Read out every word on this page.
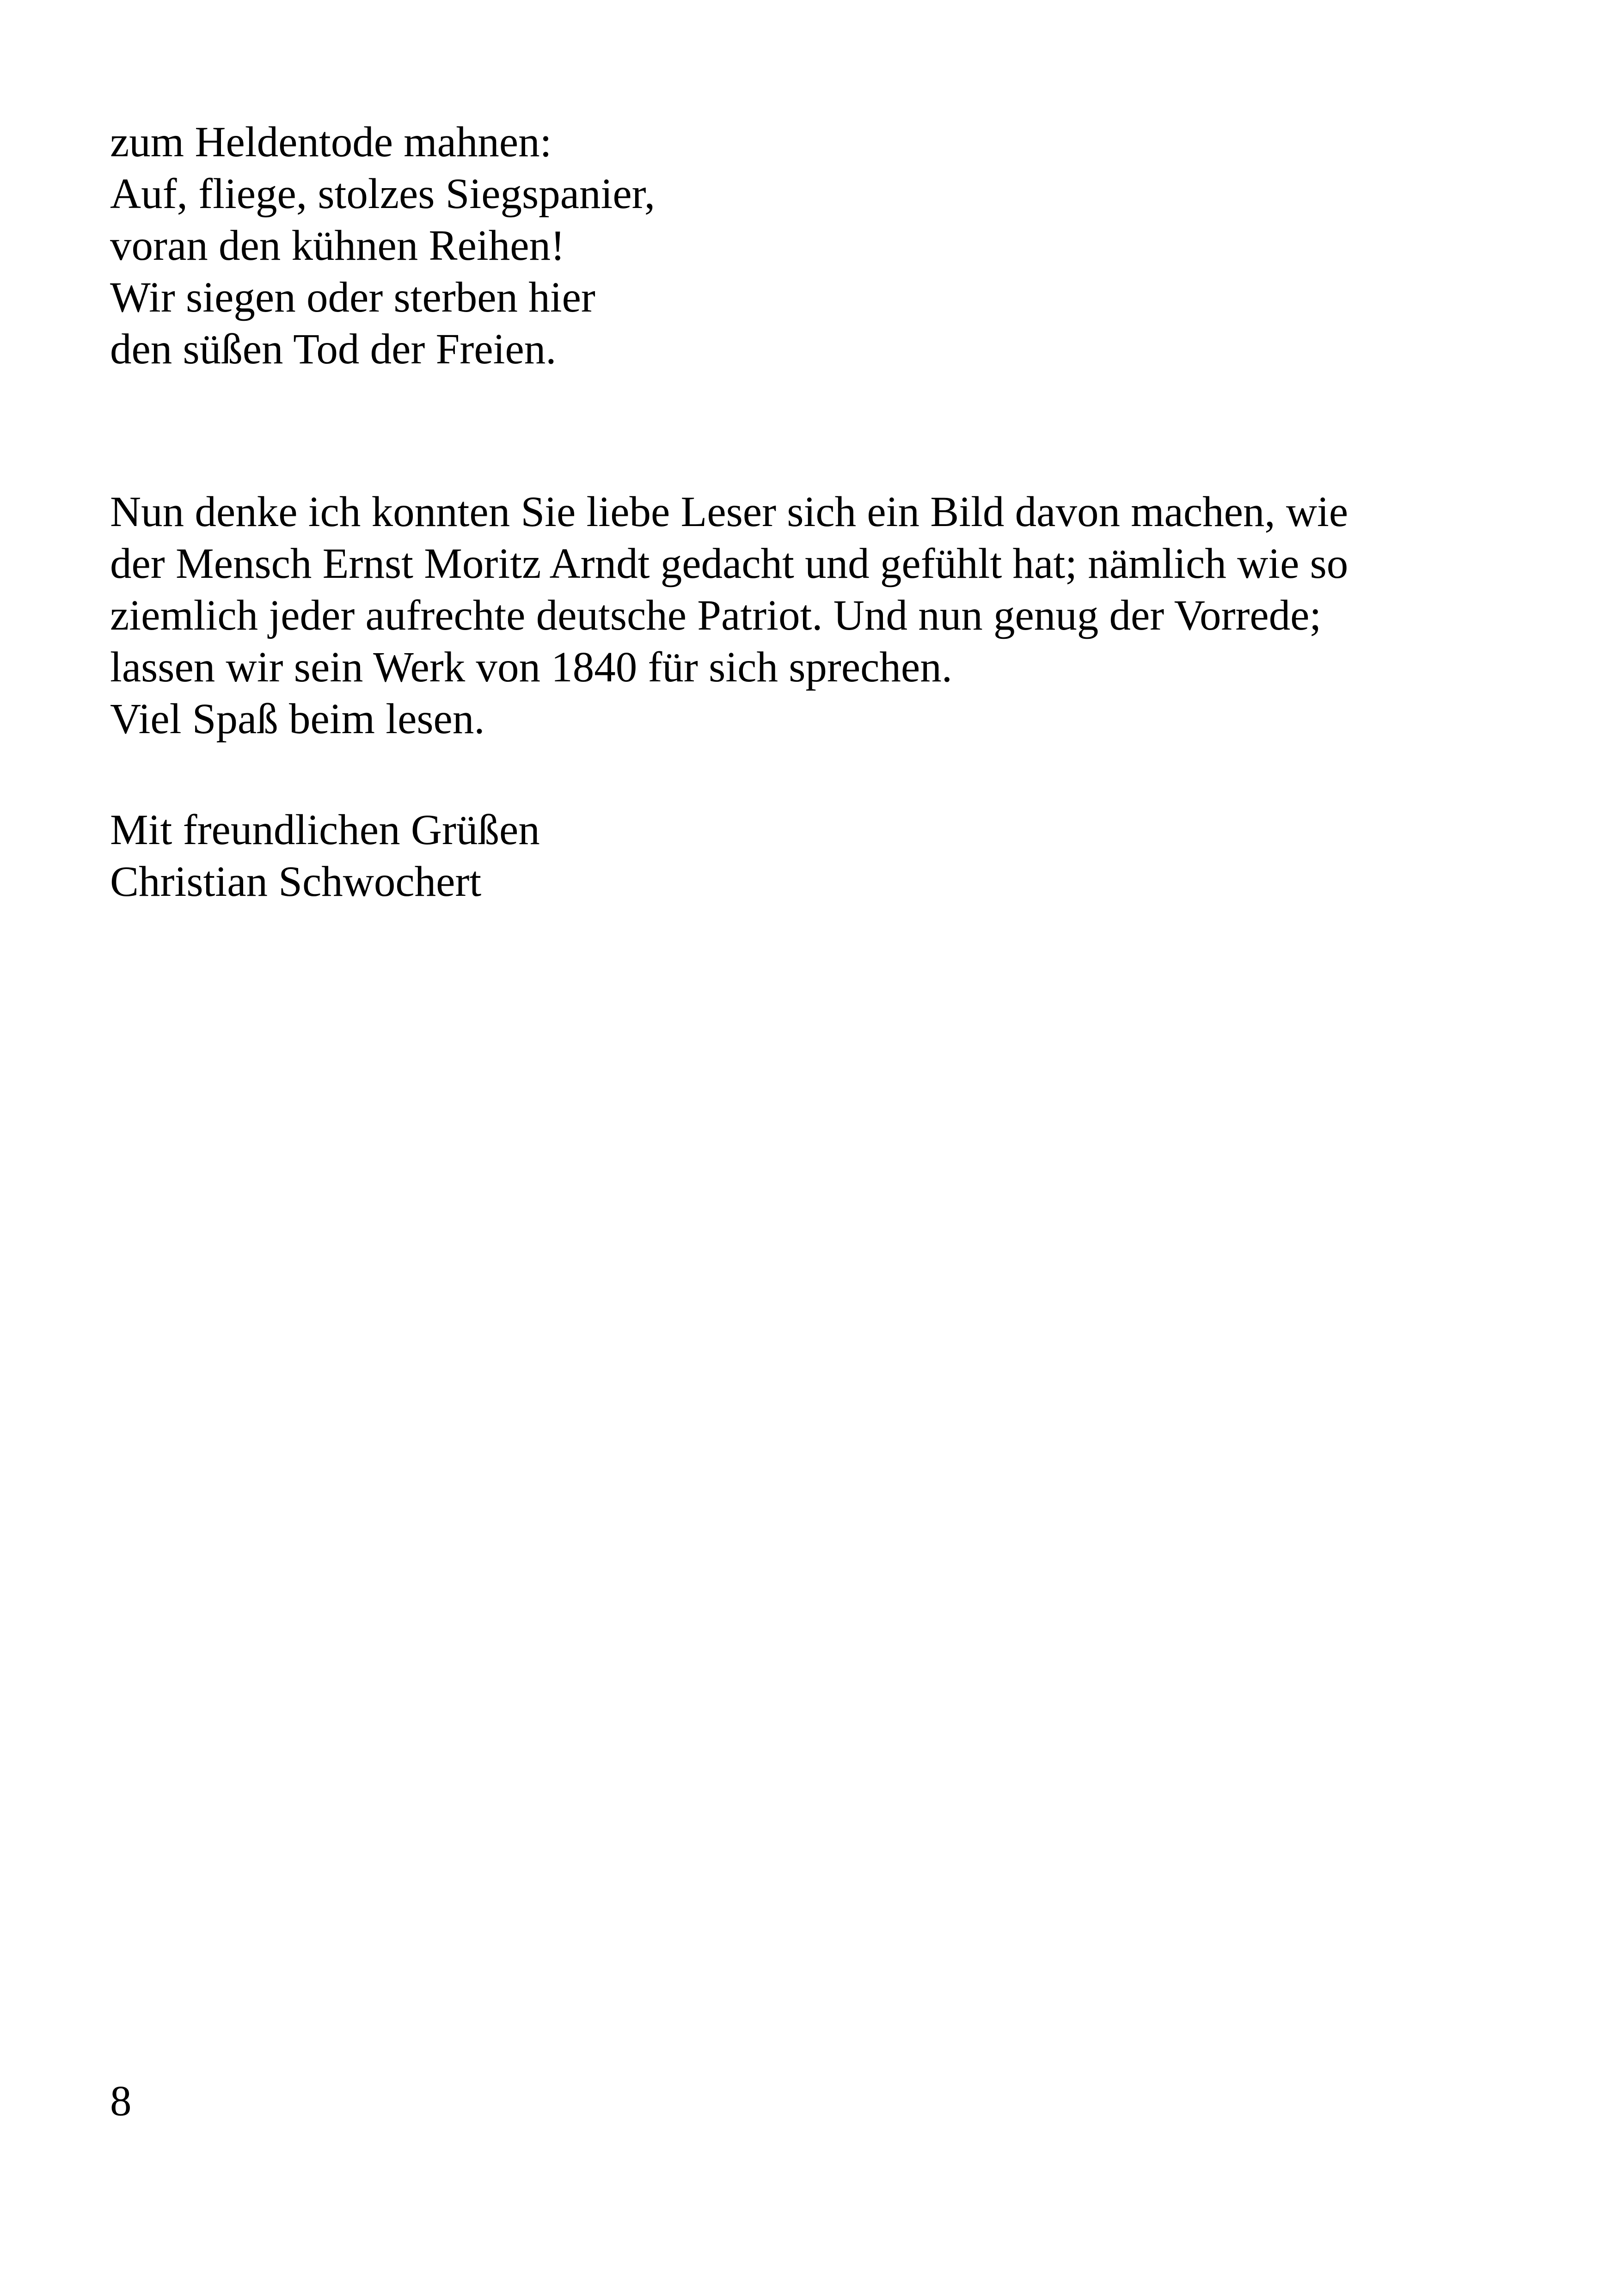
zum Heldentode mahnen:
Auf, fliege, stolzes Siegspanier,
voran den kühnen Reihen!
Wir siegen oder sterben hier
den süßen Tod der Freien.
Nun denke ich konnten Sie liebe Leser sich ein Bild davon machen, wie
der Mensch Ernst Moritz Arndt gedacht und gefühlt hat; nämlich wie so
ziemlich jeder aufrechte deutsche Patriot. Und nun genug der Vorrede;
lassen wir sein Werk von 1840 für sich sprechen.
Viel Spaß beim lesen.
Mit freundlichen Grüßen
Christian Schwochert
8
